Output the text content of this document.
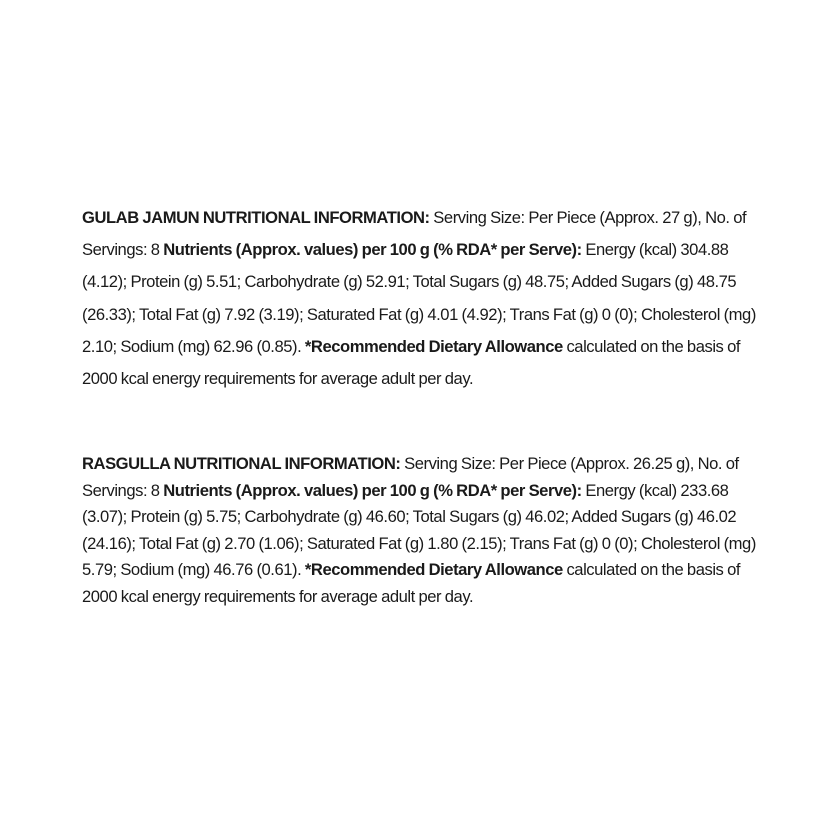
GULAB JAMUN NUTRITIONAL INFORMATION: Serving Size: Per Piece (Approx. 27 g), No. of Servings: 8 Nutrients (Approx. values) per 100 g (% RDA* per Serve): Energy (kcal) 304.88 (4.12); Protein (g) 5.51; Carbohydrate (g) 52.91; Total Sugars (g) 48.75; Added Sugars (g) 48.75 (26.33); Total Fat (g) 7.92 (3.19); Saturated Fat (g) 4.01 (4.92); Trans Fat (g) 0 (0); Cholesterol (mg) 2.10; Sodium (mg) 62.96 (0.85). *Recommended Dietary Allowance calculated on the basis of 2000 kcal energy requirements for average adult per day.
RASGULLA NUTRITIONAL INFORMATION: Serving Size: Per Piece (Approx. 26.25 g), No. of Servings: 8 Nutrients (Approx. values) per 100 g (% RDA* per Serve): Energy (kcal) 233.68 (3.07); Protein (g) 5.75; Carbohydrate (g) 46.60; Total Sugars (g) 46.02; Added Sugars (g) 46.02 (24.16); Total Fat (g) 2.70 (1.06); Saturated Fat (g) 1.80 (2.15); Trans Fat (g) 0 (0); Cholesterol (mg) 5.79; Sodium (mg) 46.76 (0.61). *Recommended Dietary Allowance calculated on the basis of 2000 kcal energy requirements for average adult per day.
